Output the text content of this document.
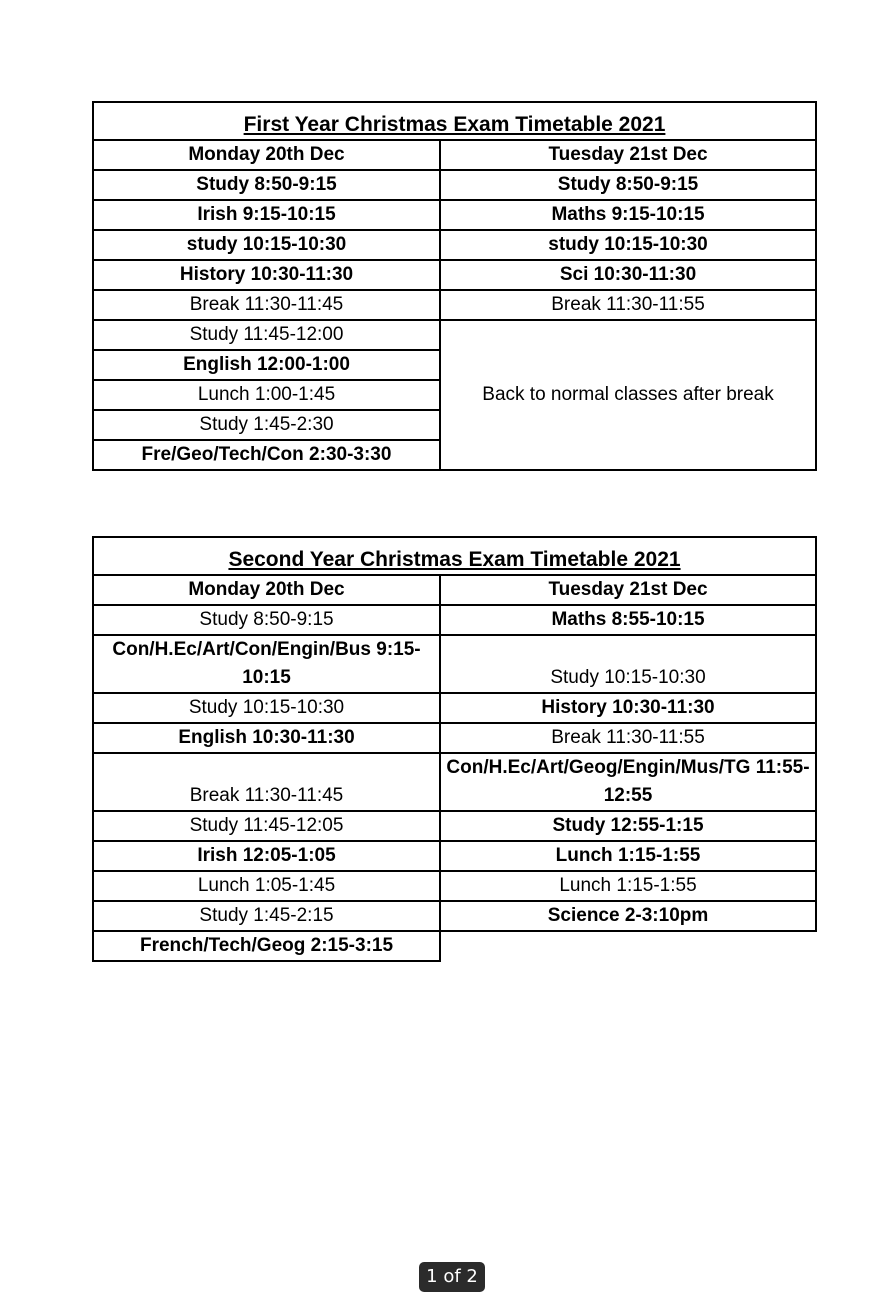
First Year Christmas Exam Timetable 2021	
Monday 20th Dec	Tuesday 21st Dec
Study 8:50-9:15	Study 8:50-9:15
Irish 9:15-10:15	Maths 9:15-10:15
study 10:15-10:30	study 10:15-10:30
History 10:30-11:30	Sci 10:30-11:30
Break 11:30-11:45	Break 11:30-11:55
Study 11:45-12:00	Back to normal classes after break
English 12:00-1:00	
Lunch 1:00-1:45	
Study 1:45-2:30	
Fre/Geo/Tech/Con 2:30-3:30	
Second Year Christmas Exam Timetable 2021	
Monday 20th Dec	Tuesday 21st Dec
Study 8:50-9:15	Maths 8:55-10:15
Con/H.Ec/Art/Con/Engin/Bus 9:15-10:15	Study 10:15-10:30
Study 10:15-10:30	History 10:30-11:30
English 10:30-11:30	Break 11:30-11:55
Break 11:30-11:45	Con/H.Ec/Art/Geog/Engin/Mus/TG 11:55-12:55
Study 11:45-12:05	Study 12:55-1:15
Irish 12:05-1:05	Lunch 1:15-1:55
Lunch 1:05-1:45	Lunch 1:15-1:55
Study 1:45-2:15	Science 2-3:10pm
French/Tech/Geog 2:15-3:15	
1 of 2
